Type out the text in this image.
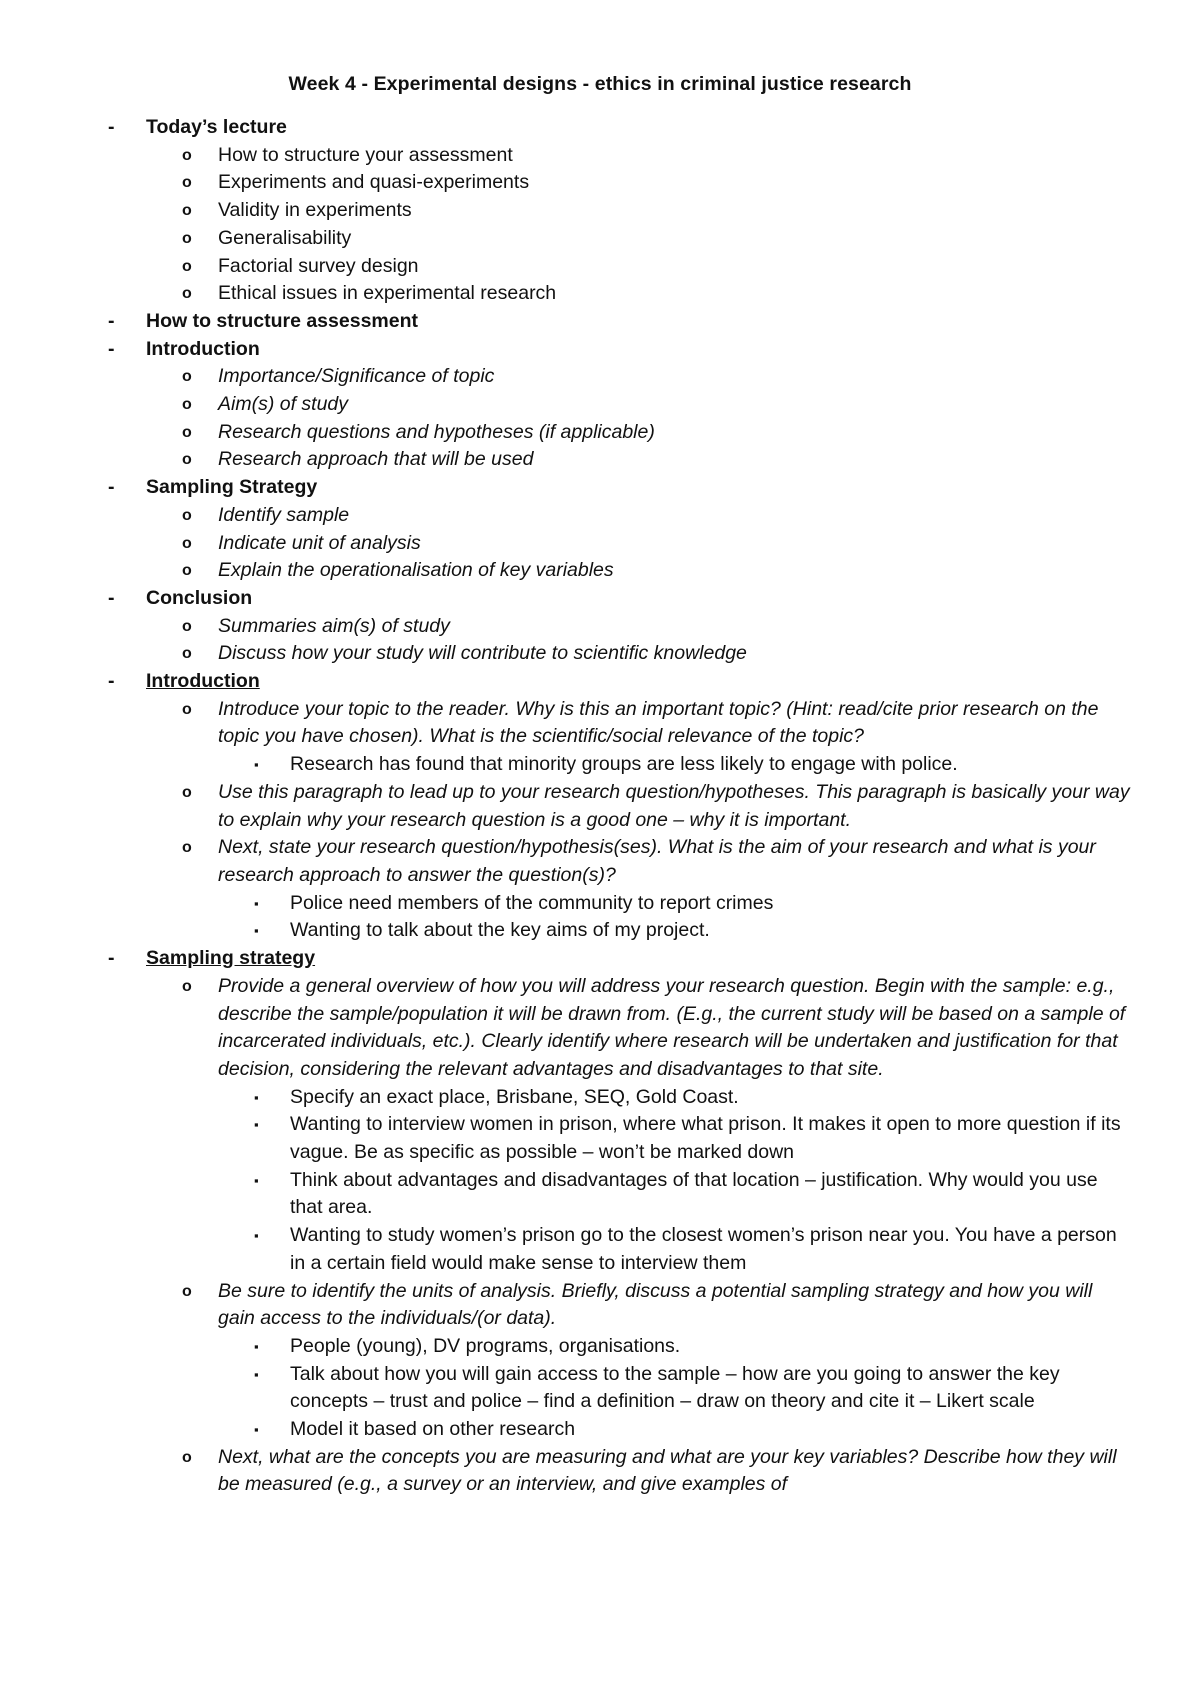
Week 4 - Experimental designs - ethics in criminal justice research
- Today’s lecture
o How to structure your assessment
o Experiments and quasi-experiments
o Validity in experiments
o Generalisability
o Factorial survey design
o Ethical issues in experimental research
- How to structure assessment
- Introduction
o Importance/Significance of topic
o Aim(s) of study
o Research questions and hypotheses (if applicable)
o Research approach that will be used
- Sampling Strategy
o Identify sample
o Indicate unit of analysis
o Explain the operationalisation of key variables
- Conclusion
o Summaries aim(s) of study
o Discuss how your study will contribute to scientific knowledge
- Introduction
o Introduce your topic to the reader. Why is this an important topic? (Hint: read/cite prior research on the topic you have chosen). What is the scientific/social relevance of the topic?
▪ Research has found that minority groups are less likely to engage with police.
o Use this paragraph to lead up to your research question/hypotheses. This paragraph is basically your way to explain why your research question is a good one – why it is important.
o Next, state your research question/hypothesis(ses). What is the aim of your research and what is your research approach to answer the question(s)?
▪ Police need members of the community to report crimes
▪ Wanting to talk about the key aims of my project.
- Sampling strategy
o Provide a general overview of how you will address your research question. Begin with the sample: e.g., describe the sample/population it will be drawn from. (E.g., the current study will be based on a sample of incarcerated individuals, etc.). Clearly identify where research will be undertaken and justification for that decision, considering the relevant advantages and disadvantages to that site.
▪ Specify an exact place, Brisbane, SEQ, Gold Coast.
▪ Wanting to interview women in prison, where what prison. It makes it open to more question if its vague. Be as specific as possible – won’t be marked down
▪ Think about advantages and disadvantages of that location – justification. Why would you use that area.
▪ Wanting to study women’s prison go to the closest women’s prison near you. You have a person in a certain field would make sense to interview them
o Be sure to identify the units of analysis. Briefly, discuss a potential sampling strategy and how you will gain access to the individuals/(or data).
▪ People (young), DV programs, organisations.
▪ Talk about how you will gain access to the sample – how are you going to answer the key concepts – trust and police – find a definition – draw on theory and cite it – Likert scale
▪ Model it based on other research
o Next, what are the concepts you are measuring and what are your key variables? Describe how they will be measured (e.g., a survey or an interview, and give examples of
